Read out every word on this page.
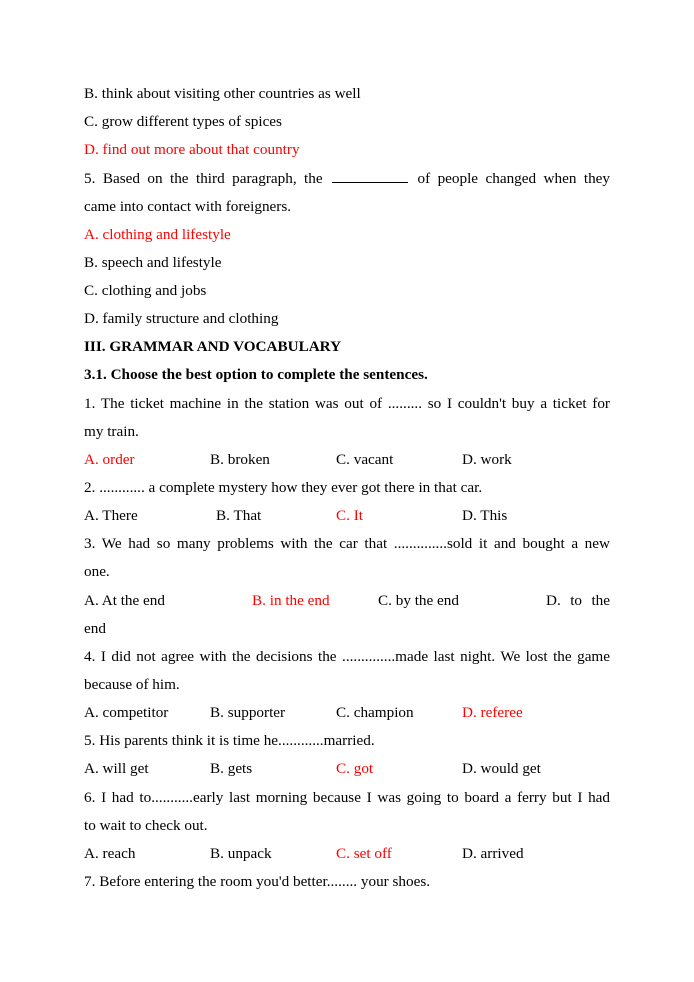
B. think about visiting other countries as well
C. grow different types of spices
D. find out more about that country
5. Based on the third paragraph, the	of people changed when they
came into contact with foreigners.
A. clothing and lifestyle
B. speech and lifestyle
C. clothing and jobs
D. family structure and clothing
III. GRAMMAR AND VOCABULARY
3.1. Choose the best option to complete the sentences.
1. The ticket machine in the station was out of ......... so I couldn't buy a ticket for
my train.
A. order	B. broken	C. vacant	D. work
2. ............ a complete mystery how they ever got there in that car.
A. There	B. That	C. It	D. This
3. We had so many problems with the car that ..............sold it and bought a new
one.
A. At the end	B. in the end	C. by the end	D. to the
end
4. I did not agree with the decisions the ..............made last night. We lost the game
because of him.
A. competitor	B. supporter	C. champion	D. referee
5. His parents think it is time he............married.
A. will get	B. gets	C. got	D. would get
6. I had to...........early last morning because I was going to board a ferry but I had
to wait to check out.
A. reach	B. unpack	C. set off	D. arrived
7. Before entering the room you'd better........ your shoes.
